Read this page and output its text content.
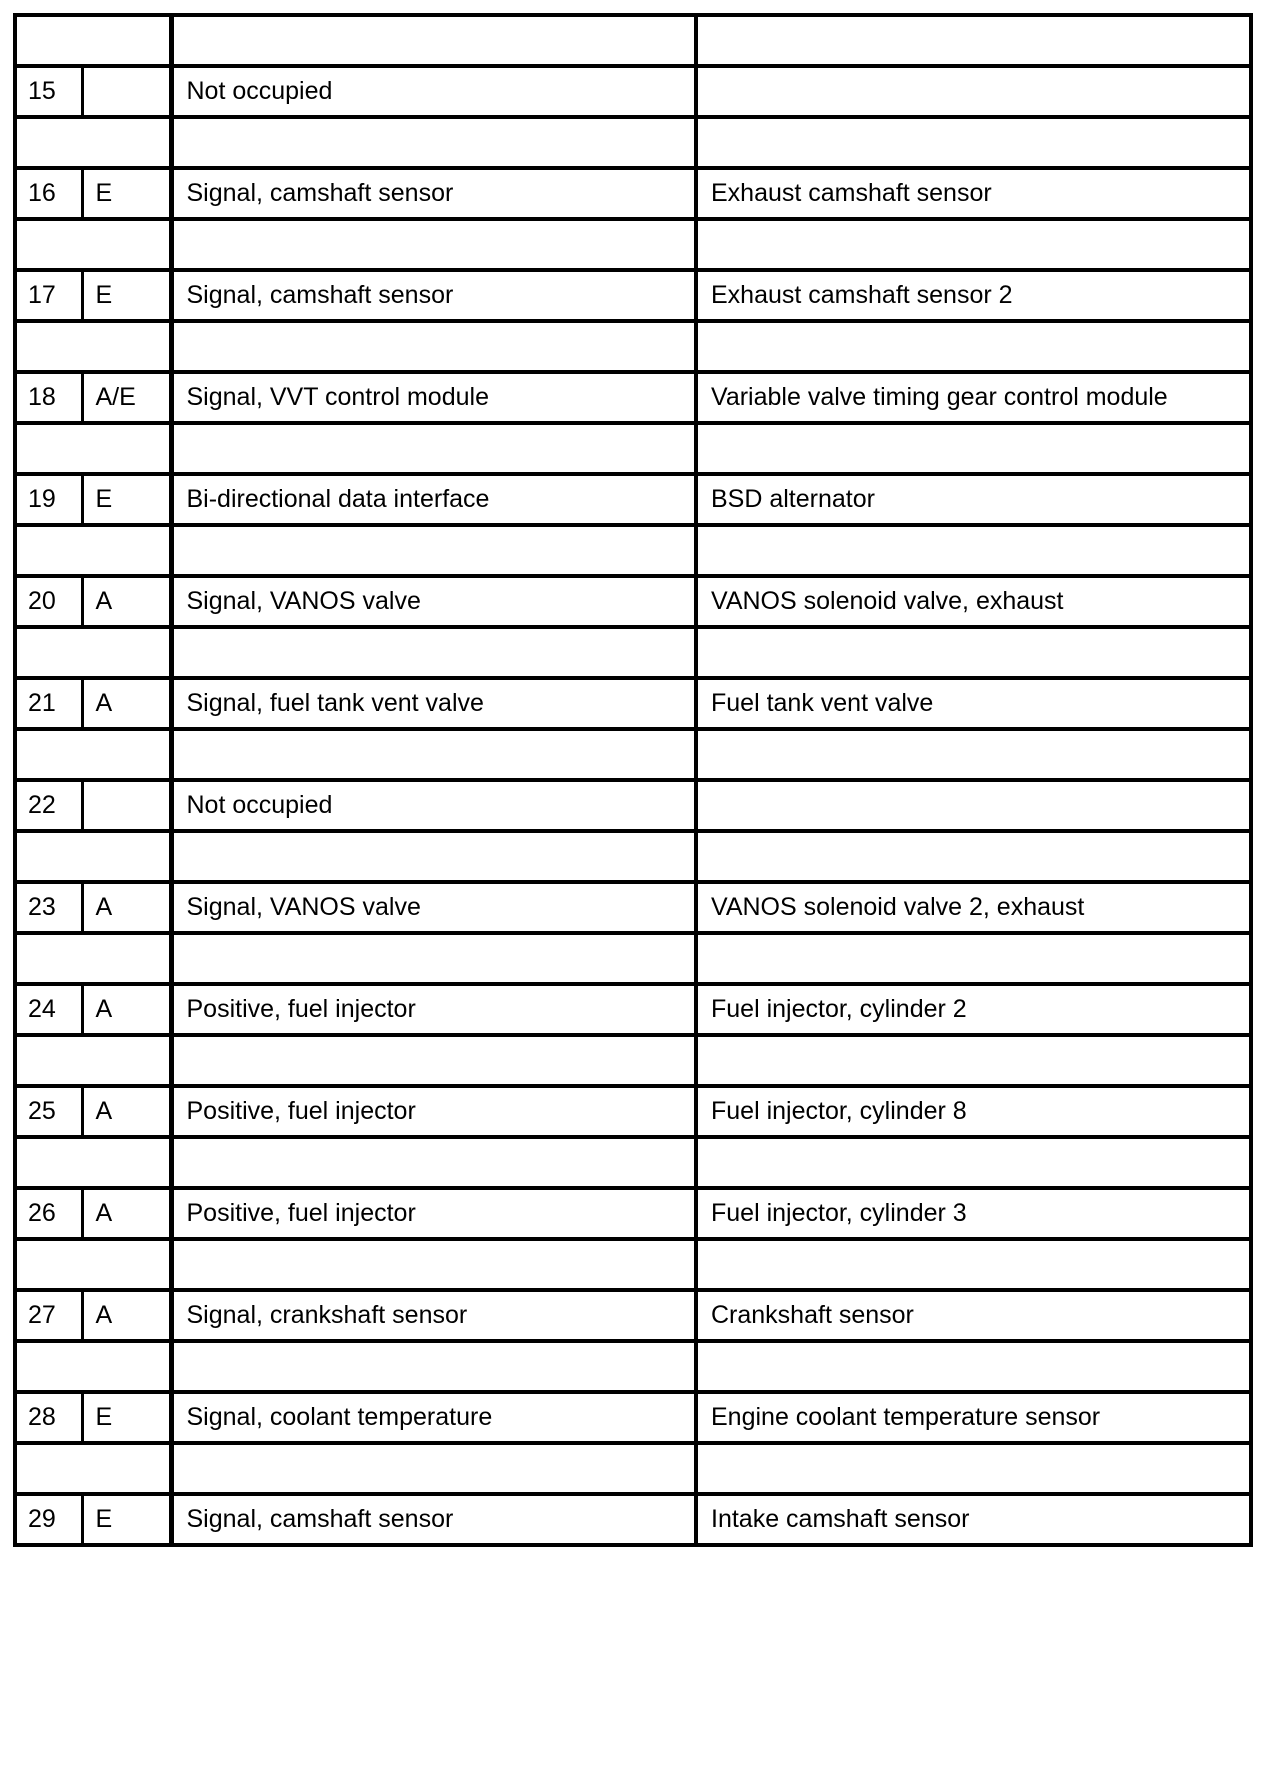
15		Not occupied	

16	E	Signal, camshaft sensor	Exhaust camshaft sensor

17	E	Signal, camshaft sensor	Exhaust camshaft sensor 2

18	A/E	Signal, VVT control module	Variable valve timing gear control module

19	E	Bi-directional data interface	BSD alternator

20	A	Signal, VANOS valve	VANOS solenoid valve, exhaust

21	A	Signal, fuel tank vent valve	Fuel tank vent valve

22		Not occupied	

23	A	Signal, VANOS valve	VANOS solenoid valve 2, exhaust

24	A	Positive, fuel injector	Fuel injector, cylinder 2

25	A	Positive, fuel injector	Fuel injector, cylinder 8

26	A	Positive, fuel injector	Fuel injector, cylinder 3

27	A	Signal, crankshaft sensor	Crankshaft sensor

28	E	Signal, coolant temperature	Engine coolant temperature sensor

29	E	Signal, camshaft sensor	Intake camshaft sensor
